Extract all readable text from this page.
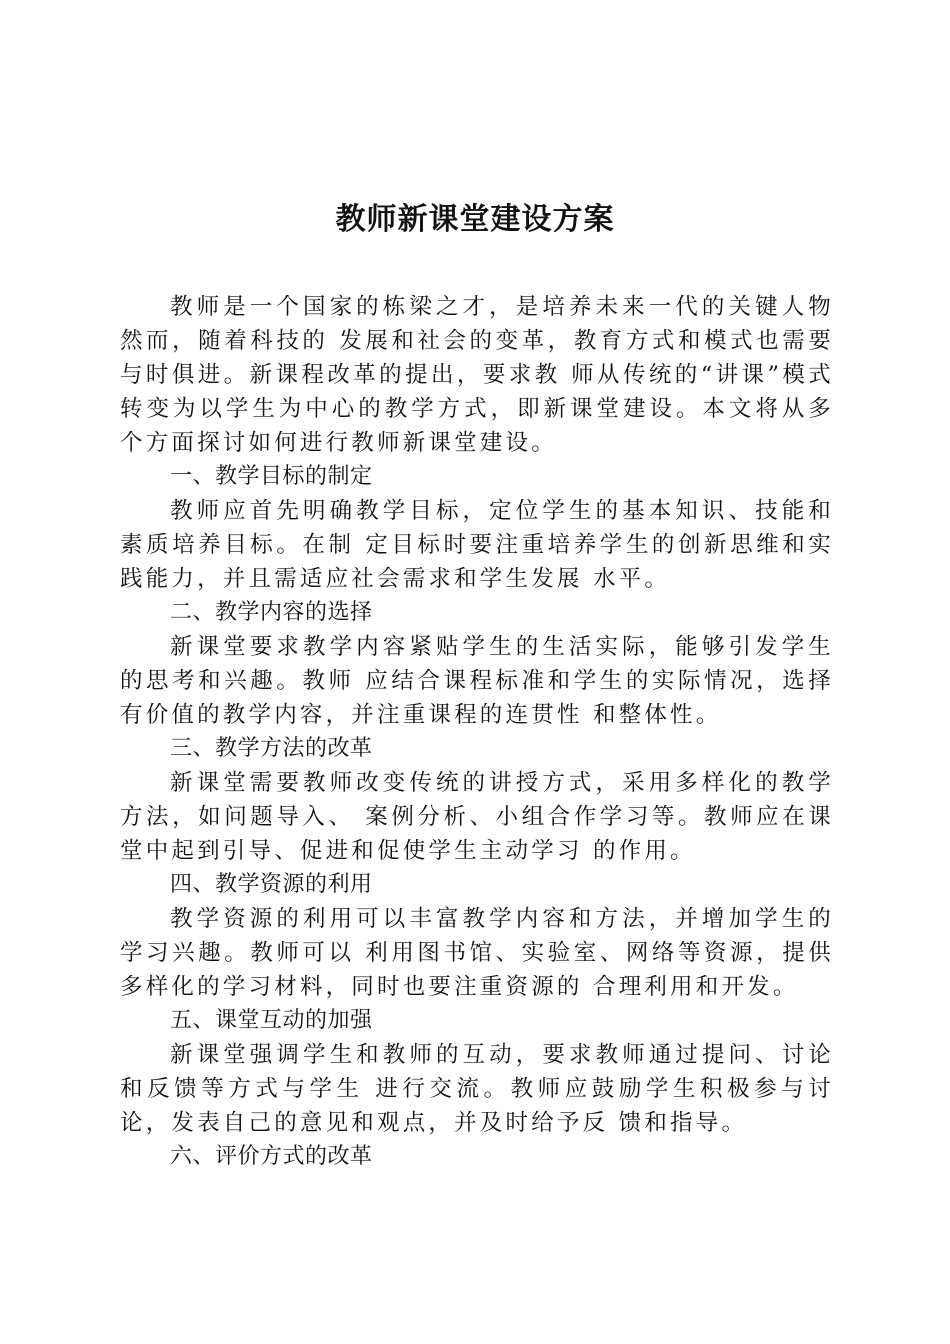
教师新课堂建设方案

教师是一个国家的栋梁之才，是培养未来一代的关键人物然而，随着科技的 发展和社会的变革，教育方式和模式也需要与时俱进。新课程改革的提出，要求教 师从传统的“讲课”模式转变为以学生为中心的教学方式，即新课堂建设。本文将从多个方面探讨如何进行教师新课堂建设。

一、教学目标的制定

教师应首先明确教学目标，定位学生的基本知识、技能和素质培养目标。在制 定目标时要注重培养学生的创新思维和实践能力，并且需适应社会需求和学生发展 水平。

二、教学内容的选择

新课堂要求教学内容紧贴学生的生活实际，能够引发学生的思考和兴趣。教师 应结合课程标准和学生的实际情况，选择有价值的教学内容，并注重课程的连贯性 和整体性。

三、教学方法的改革

新课堂需要教师改变传统的讲授方式，采用多样化的教学方法，如问题导入、 案例分析、小组合作学习等。教师应在课堂中起到引导、促进和促使学生主动学习 的作用。

四、教学资源的利用

教学资源的利用可以丰富教学内容和方法，并增加学生的学习兴趣。教师可以 利用图书馆、实验室、网络等资源，提供多样化的学习材料，同时也要注重资源的 合理利用和开发。

五、课堂互动的加强

新课堂强调学生和教师的互动，要求教师通过提问、讨论和反馈等方式与学生 进行交流。教师应鼓励学生积极参与讨论，发表自己的意见和观点，并及时给予反 馈和指导。

六、评价方式的改革
